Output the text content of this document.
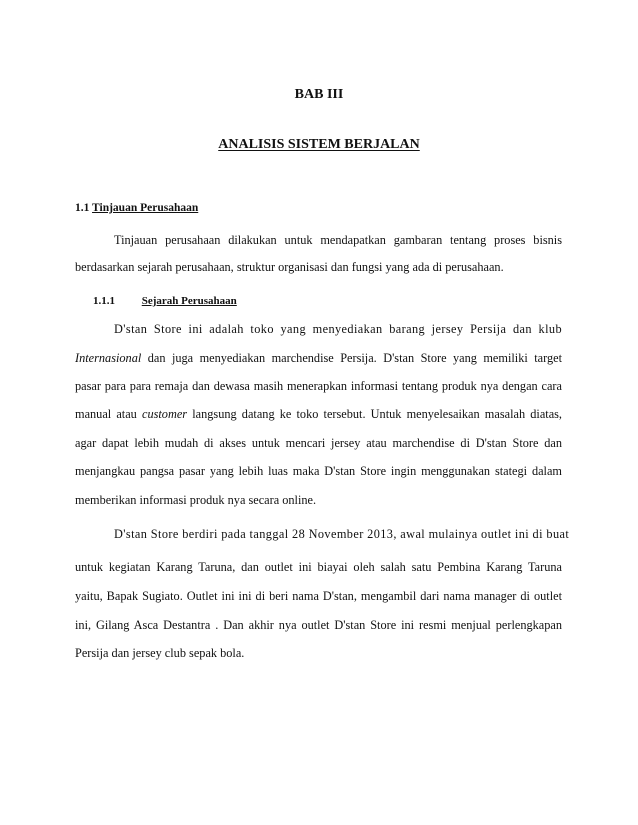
BAB III
ANALISIS SISTEM BERJALAN
1.1 Tinjauan Perusahaan
Tinjauan perusahaan dilakukan untuk mendapatkan gambaran tentang proses bisnis
berdasarkan sejarah perusahaan, struktur organisasi dan fungsi yang ada di perusahaan.
1.1.1 Sejarah Perusahaan
D'stan Store ini adalah toko yang menyediakan barang jersey Persija dan klub
Internasional dan juga menyediakan marchendise Persija. D'stan Store yang memiliki target
pasar para para remaja dan dewasa masih menerapkan informasi tentang produk nya dengan cara
manual atau customer langsung datang ke toko tersebut. Untuk menyelesaikan masalah diatas,
agar dapat lebih mudah di akses untuk mencari jersey atau marchendise di D'stan Store dan
menjangkau pangsa pasar yang lebih luas maka D'stan Store ingin menggunakan stategi dalam
memberikan informasi produk nya secara online.
D'stan Store berdiri pada tanggal 28 November 2013, awal mulainya outlet ini di buat
untuk kegiatan Karang Taruna, dan outlet ini biayai oleh salah satu Pembina Karang Taruna
yaitu, Bapak Sugiato. Outlet ini ini di beri nama D'stan, mengambil dari nama manager di outlet
ini, Gilang Asca Destantra . Dan akhir nya outlet D'stan Store ini resmi menjual perlengkapan
Persija dan jersey club sepak bola.
